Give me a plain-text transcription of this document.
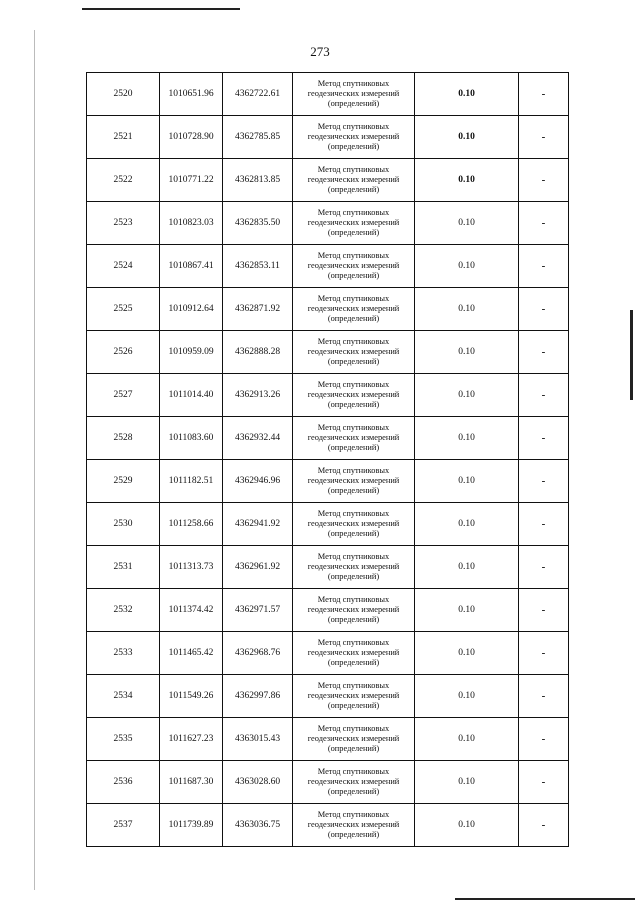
273
2520	1010651.96	4362722.61	Метод спутниковых геодезических измерений (определений)	0.10	-
2521	1010728.90	4362785.85	Метод спутниковых геодезических измерений (определений)	0.10	-
2522	1010771.22	4362813.85	Метод спутниковых геодезических измерений (определений)	0.10	-
2523	1010823.03	4362835.50	Метод спутниковых геодезических измерений (определений)	0.10	-
2524	1010867.41	4362853.11	Метод спутниковых геодезических измерений (определений)	0.10	-
2525	1010912.64	4362871.92	Метод спутниковых геодезических измерений (определений)	0.10	-
2526	1010959.09	4362888.28	Метод спутниковых геодезических измерений (определений)	0.10	-
2527	1011014.40	4362913.26	Метод спутниковых геодезических измерений (определений)	0.10	-
2528	1011083.60	4362932.44	Метод спутниковых геодезических измерений (определений)	0.10	-
2529	1011182.51	4362946.96	Метод спутниковых геодезических измерений (определений)	0.10	-
2530	1011258.66	4362941.92	Метод спутниковых геодезических измерений (определений)	0.10	-
2531	1011313.73	4362961.92	Метод спутниковых геодезических измерений (определений)	0.10	-
2532	1011374.42	4362971.57	Метод спутниковых геодезических измерений (определений)	0.10	-
2533	1011465.42	4362968.76	Метод спутниковых геодезических измерений (определений)	0.10	-
2534	1011549.26	4362997.86	Метод спутниковых геодезических измерений (определений)	0.10	-
2535	1011627.23	4363015.43	Метод спутниковых геодезических измерений (определений)	0.10	-
2536	1011687.30	4363028.60	Метод спутниковых геодезических измерений (определений)	0.10	-
2537	1011739.89	4363036.75	Метод спутниковых геодезических измерений (определений)	0.10	-
